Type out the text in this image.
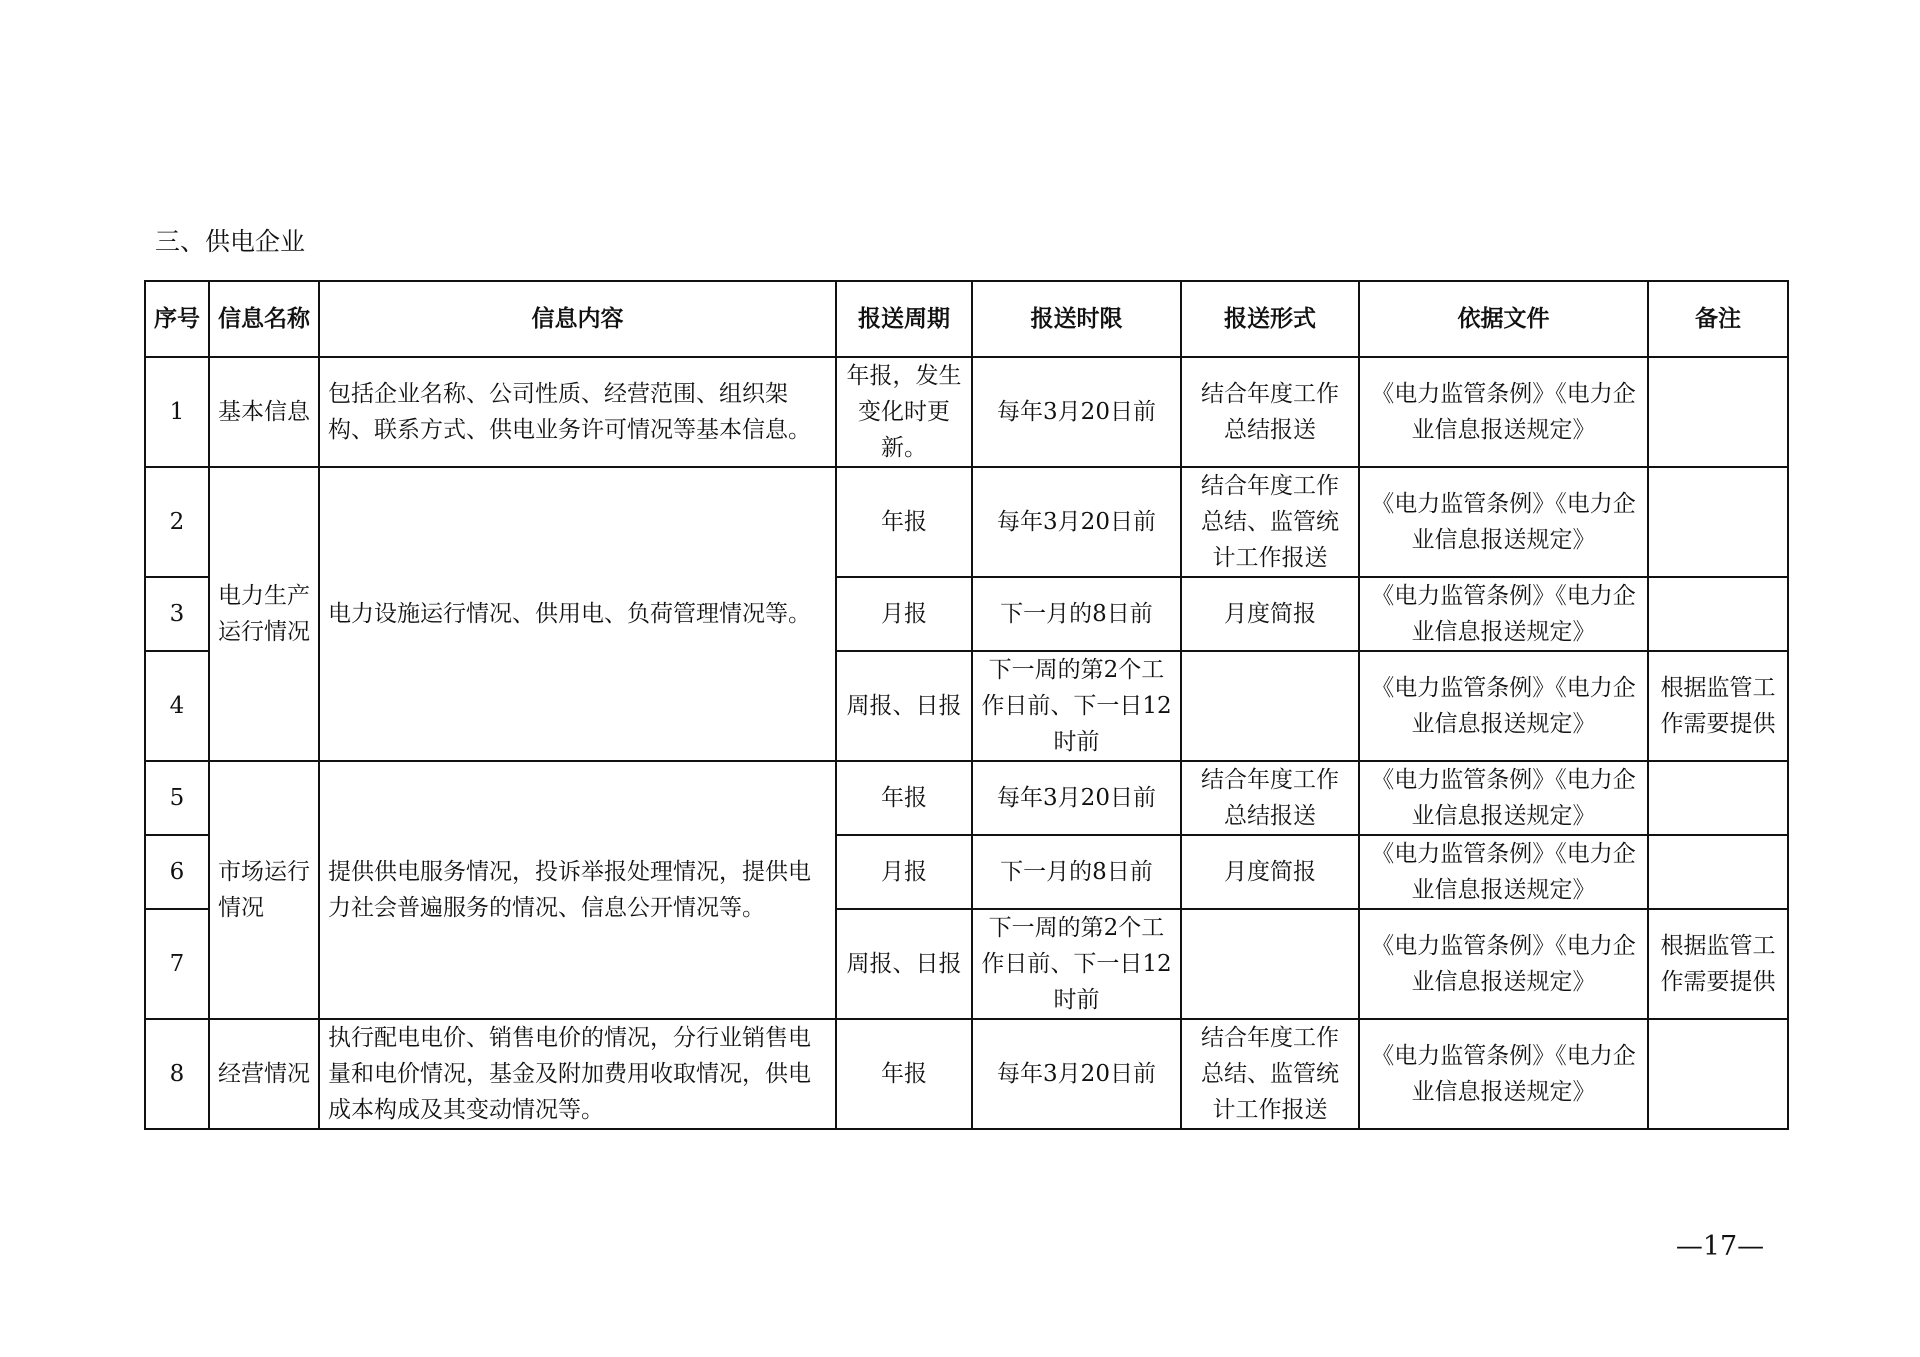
三、供电企业
序号	信息名称	信息内容	报送周期	报送时限	报送形式	依据文件	备注
1	基本信息	包括企业名称、公司性质、经营范围、组织架构、联系方式、供电业务许可情况等基本信息。	年报，发生变化时更新。	每年3月20日前	结合年度工作总结报送	《电力监管条例》《电力企业信息报送规定》	
2	电力生产运行情况	电力设施运行情况、供用电、负荷管理情况等。	年报	每年3月20日前	结合年度工作总结、监管统计工作报送	《电力监管条例》《电力企业信息报送规定》	
3			月报	下一月的8日前	月度简报	《电力监管条例》《电力企业信息报送规定》	
4			周报、日报	下一周的第2个工作日前、下一日12时前		《电力监管条例》《电力企业信息报送规定》	根据监管工作需要提供
5	市场运行情况	提供供电服务情况，投诉举报处理情况，提供电力社会普遍服务的情况、信息公开情况等。	年报	每年3月20日前	结合年度工作总结报送	《电力监管条例》《电力企业信息报送规定》	
6			月报	下一月的8日前	月度简报	《电力监管条例》《电力企业信息报送规定》	
7			周报、日报	下一周的第2个工作日前、下一日12时前		《电力监管条例》《电力企业信息报送规定》	根据监管工作需要提供
8	经营情况	执行配电电价、销售电价的情况，分行业销售电量和电价情况，基金及附加费用收取情况，供电成本构成及其变动情况等。	年报	每年3月20日前	结合年度工作总结、监管统计工作报送	《电力监管条例》《电力企业信息报送规定》	
—17—
